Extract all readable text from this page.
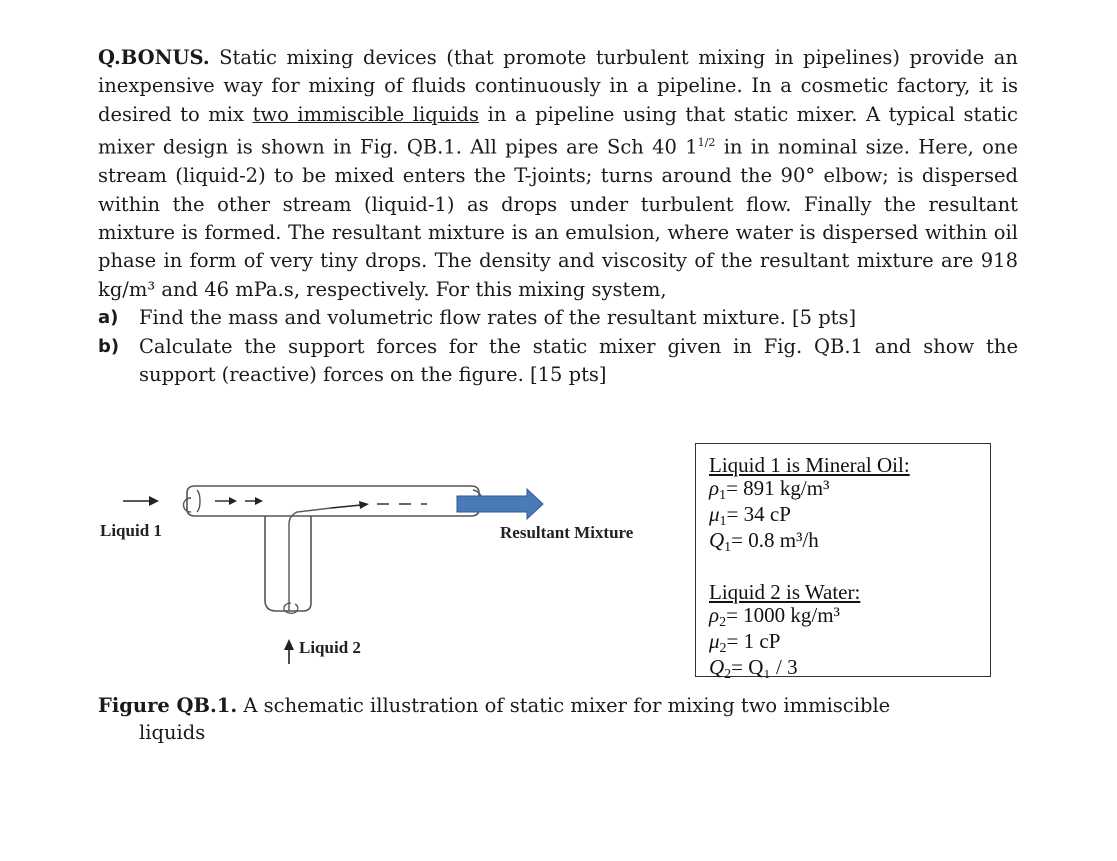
Q.BONUS. Static mixing devices (that promote turbulent mixing in pipelines) provide an inexpensive way for mixing of fluids continuously in a pipeline. In a cosmetic factory, it is desired to mix two immiscible liquids in a pipeline using that static mixer. A typical static mixer design is shown in Fig. QB.1. All pipes are Sch 40 $1^{1/2}$ in in nominal size. Here, one stream (liquid-2) to be mixed enters the T-joints; turns around the 90° elbow; is dispersed within the other stream (liquid-1) as drops under turbulent flow. Finally the resultant mixture is formed. The resultant mixture is an emulsion, where water is dispersed within oil phase in form of very tiny drops. The density and viscosity of the resultant mixture are 918 kg/m³ and 46 mPa.s, respectively. For this mixing system,

a) Find the mass and volumetric flow rates of the resultant mixture. [5 pts]
b) Calculate the support forces for the static mixer given in Fig. QB.1 and show the support (reactive) forces on the figure. [15 pts]
Liquid 1	Resultant Mixture
Liquid 2
Liquid 1 is Mineral Oil:
ρ 1 = 891 kg/m³
μ 1 = 34 cP
Q 1 = 0.8 m³/h
Liquid 2 is Water:
ρ 2 = 1000 kg/m³
μ 2 = 1 cP
Q 2 = Q₁ / 3
Figure QB.1. A schematic illustration of static mixer for mixing two immiscible
liquids
